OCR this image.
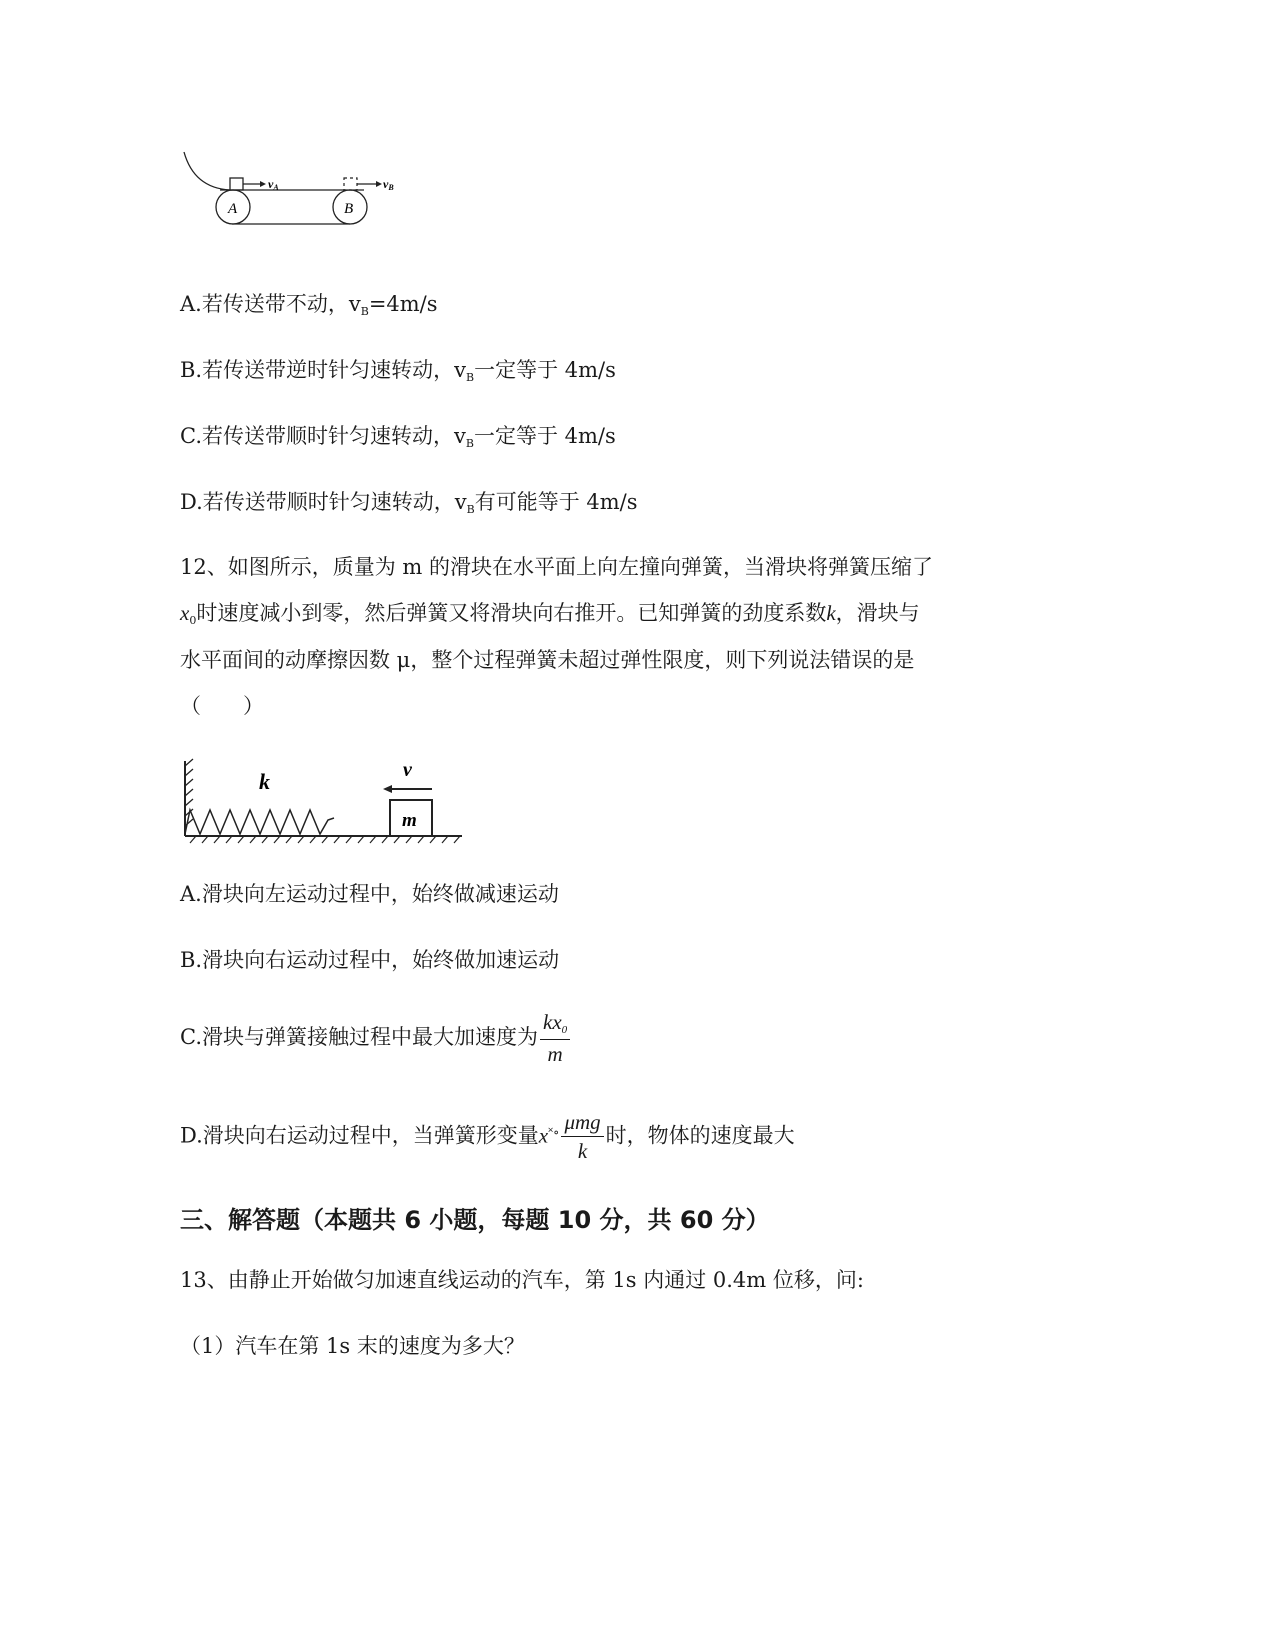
A	B
vA	vB
A.若传送带不动，$v_B=4m/s$
B.若传送带逆时针匀速转动，$v_B$一定等于 4m/s
C.若传送带顺时针匀速转动，$v_B$一定等于 4m/s
D.若传送带顺时针匀速转动，$v_B$有可能等于 4m/s
12、如图所示，质量为 m 的滑块在水平面上向左撞向弹簧，当滑块将弹簧压缩了
$x_0$时速度减小到零，然后弹簧又将滑块向右推开。已知弹簧的劲度系数k，滑块与
水平面间的动摩擦因数 μ，整个过程弹簧未超过弹性限度，则下列说法错误的是
（　　）
k	v
m
A.滑块向左运动过程中，始终做减速运动
B.滑块向右运动过程中，始终做加速运动
C.滑块与弹簧接触过程中最大加速度为 $\frac{kx_0}{m}$
D.滑块向右运动过程中，当弹簧形变量$x^{˟\circ} \frac{\text{μmg}}{k}$ 时，物体的速度最大
三、解答题（本题共 6 小题，每题 10 分，共 60 分）
13、由静止开始做匀加速直线运动的汽车，第 1s 内通过 0.4m 位移，问:
（1）汽车在第 1s 末的速度为多大？
